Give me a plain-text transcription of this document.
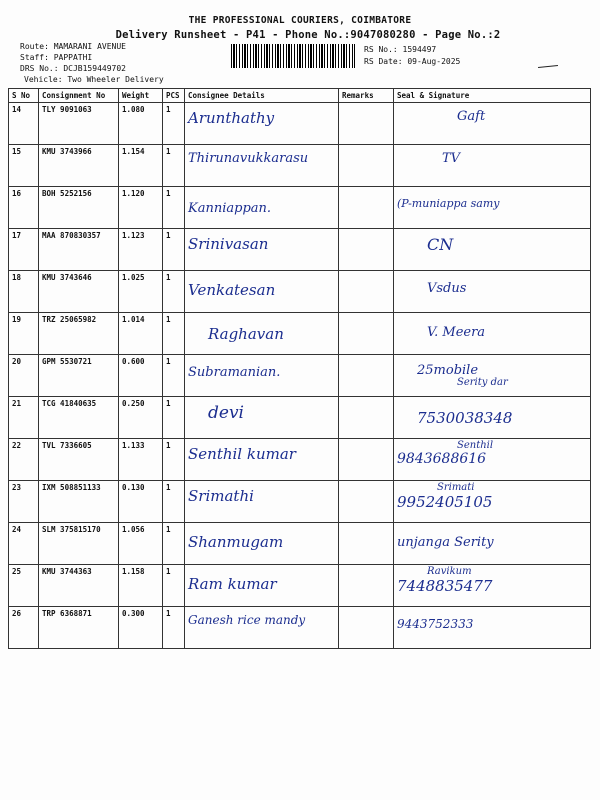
THE PROFESSIONAL COURIERS, COIMBATORE
Delivery Runsheet - P41 - Phone No.:9047080280 - Page No.:2
Route: MAMARANI AVENUE
Staff: PAPPATHI
DRS No.: DCJB159449702
Vehicle: Two Wheeler Delivery
RS No.: 1594497
RS Date: 09-Aug-2025
S No	Consignment No	Weight	PCS	Consignee Details	Remarks	Seal & Signature
14	TLY 9091063	1.080	1	Arunthathy		Gaft

15	KMU 3743966	1.154	1	Thirunavukkarasu		TV

16	BOH 5252156	1.120	1	Kanniappan.		(P-muniappa samy

17	MAA 870830357	1.123	1	Srinivasan		CN

18	KMU 3743646	1.025	1	Venkatesan		Vsdus

19	TRZ 25065982	1.014	1	Raghavan		V. Meera

20	GPM 5530721	0.600	1	Subramanian.		25mobile
Serity dar

21	TCG 41840635	0.250	1	devi		7530038348

22	TVL 7336605	1.133	1	Senthil kumar		Senthil
9843688616

23	IXM 508851133	0.130	1	Srimathi		Srimati
9952405105

24	SLM 375815170	1.056	1	Shanmugam		unjanga Serity

25	KMU 3744363	1.158	1	Ram kumar		Ravikum
7448835477

26	TRP 6368871	0.300	1	Ganesh rice mandy		9443752333
